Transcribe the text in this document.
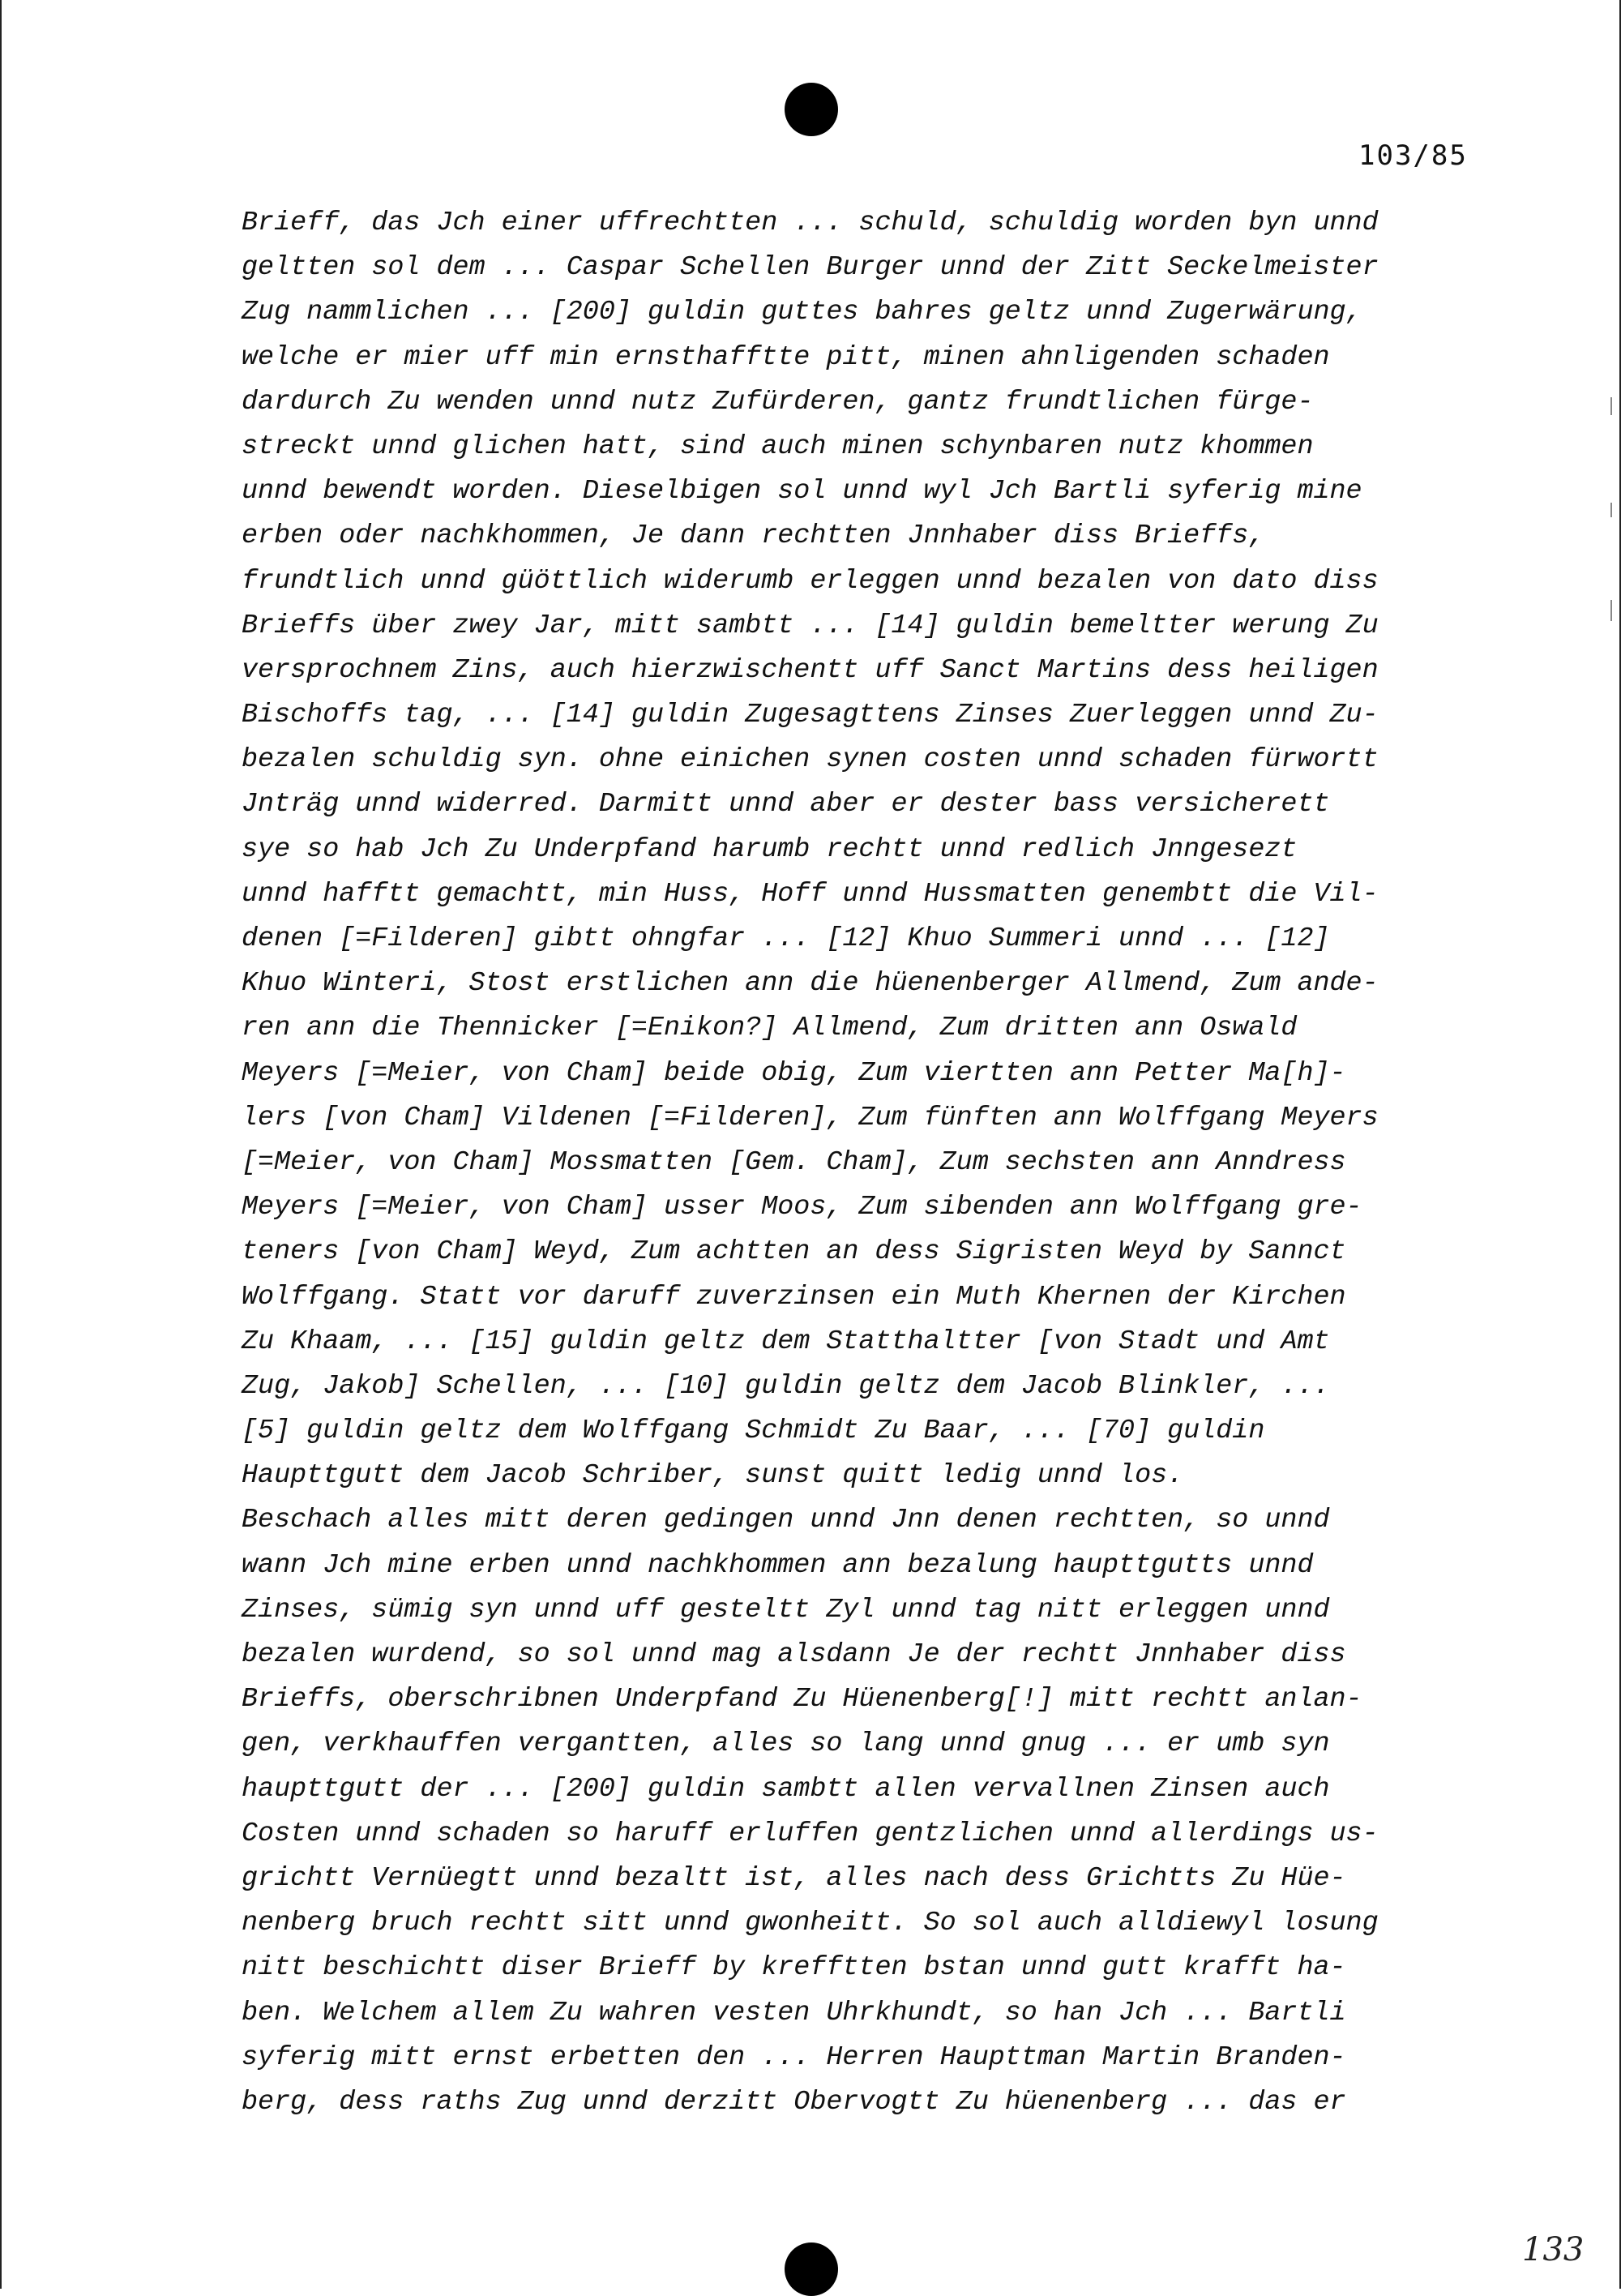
103/85
Brieff, das Jch einer uffrechtten ... schuld, schuldig worden byn unnd
geltten sol dem ... Caspar Schellen Burger unnd der Zitt Seckelmeister
Zug nammlichen ... [200] guldin guttes bahres geltz unnd Zugerwärung,
welche er mier uff min ernsthafftte pitt, minen ahnligenden schaden
dardurch Zu wenden unnd nutz Zufürderen, gantz frundtlichen fürge-
streckt unnd glichen hatt, sind auch minen schynbaren nutz khommen
unnd bewendt worden. Dieselbigen sol unnd wyl Jch Bartli syferig mine
erben oder nachkhommen, Je dann rechtten Jnnhaber diss Brieffs,
frundtlich unnd güöttlich widerumb erleggen unnd bezalen von dato diss
Brieffs über zwey Jar, mitt sambtt ... [14] guldin bemeltter werung Zu
versprochnem Zins, auch hierzwischentt uff Sanct Martins dess heiligen
Bischoffs tag, ... [14] guldin Zugesagttens Zinses Zuerleggen unnd Zu-
bezalen schuldig syn. ohne einichen synen costen unnd schaden fürwortt
Jnträg unnd widerred. Darmitt unnd aber er dester bass versicherett
sye so hab Jch Zu Underpfand harumb rechtt unnd redlich Jnngesezt
unnd hafftt gemachtt, min Huss, Hoff unnd Hussmatten genembtt die Vil-
denen [=Filderen] gibtt ohngfar ... [12] Khuo Summeri unnd ... [12]
Khuo Winteri, Stost erstlichen ann die hüenenberger Allmend, Zum ande-
ren ann die Thennicker [=Enikon?] Allmend, Zum dritten ann Oswald
Meyers [=Meier, von Cham] beide obig, Zum viertten ann Petter Ma[h]-
lers [von Cham] Vildenen [=Filderen], Zum fünften ann Wolffgang Meyers
[=Meier, von Cham] Mossmatten [Gem. Cham], Zum sechsten ann Anndress
Meyers [=Meier, von Cham] usser Moos, Zum sibenden ann Wolffgang gre-
teners [von Cham] Weyd, Zum achtten an dess Sigristen Weyd by Sannct
Wolffgang. Statt vor daruff zuverzinsen ein Muth Khernen der Kirchen
Zu Khaam, ... [15] guldin geltz dem Statthaltter [von Stadt und Amt
Zug, Jakob] Schellen, ... [10] guldin geltz dem Jacob Blinkler, ...
[5] guldin geltz dem Wolffgang Schmidt Zu Baar, ... [70] guldin
Haupttgutt dem Jacob Schriber, sunst quitt ledig unnd los.
Beschach alles mitt deren gedingen unnd Jnn denen rechtten, so unnd
wann Jch mine erben unnd nachkhommen ann bezalung haupttgutts unnd
Zinses, sümig syn unnd uff gesteltt Zyl unnd tag nitt erleggen unnd
bezalen wurdend, so sol unnd mag alsdann Je der rechtt Jnnhaber diss
Brieffs, oberschribnen Underpfand Zu Hüenenberg[!] mitt rechtt anlan-
gen, verkhauffen vergantten, alles so lang unnd gnug ... er umb syn
haupttgutt der ... [200] guldin sambtt allen vervallnen Zinsen auch
Costen unnd schaden so haruff erluffen gentzlichen unnd allerdings us-
grichtt Vernüegtt unnd bezaltt ist, alles nach dess Grichtts Zu Hüe-
nenberg bruch rechtt sitt unnd gwonheitt. So sol auch alldiewyl losung
nitt beschichtt diser Brieff by krefftten bstan unnd gutt krafft ha-
ben. Welchem allem Zu wahren vesten Uhrkhundt, so han Jch ... Bartli
syferig mitt ernst erbetten den ... Herren Haupttman Martin Branden-
berg, dess raths Zug unnd derzitt Obervogtt Zu hüenenberg ... das er
133
